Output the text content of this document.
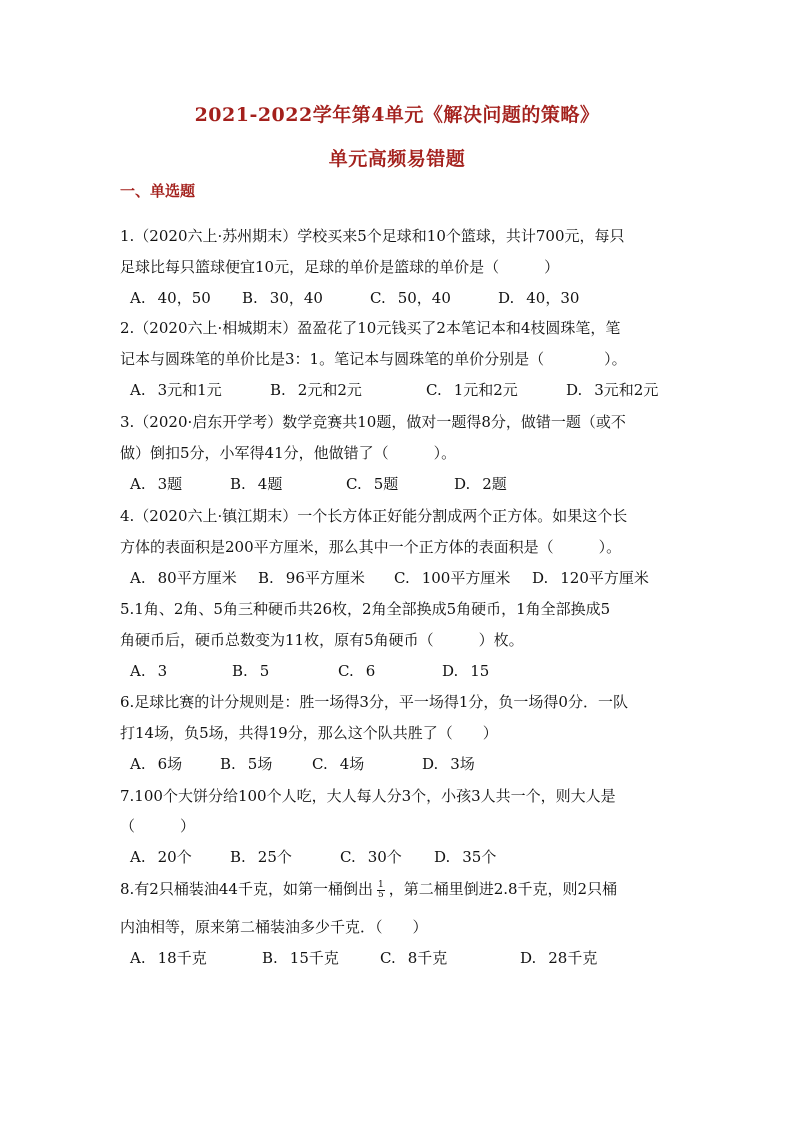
2021-2022学年第4单元《解决问题的策略》
单元高频易错题
一、单选题
1.（2020六上·苏州期末）学校买来5个足球和10个篮球，共计700元，每只
足球比每只篮球便宜10元，足球的单价是篮球的单价是（　　　）
A. 40，50 B. 30，40	C. 50，40	D. 40，30
2.（2020六上·相城期末）盈盈花了10元钱买了2本笔记本和4枝圆珠笔，笔
记本与圆珠笔的单价比是3：1。笔记本与圆珠笔的单价分别是（　　　　）。
A. 3元和1元	B. 2元和2元	C. 1元和2元	D. 3元和2元
3.（2020·启东开学考）数学竞赛共10题，做对一题得8分，做错一题（或不
做）倒扣5分，小军得41分，他做错了（　　　）。
A. 3题	B. 4题	C. 5题	D. 2题
4.（2020六上·镇江期末）一个长方体正好能分割成两个正方体。如果这个长
方体的表面积是200平方厘米，那么其中一个正方体的表面积是（　　　）。
A. 80平方厘米 B. 96平方厘米 C. 100平方厘米 D. 120平方厘米
5.1角、2角、5角三种硬币共26枚，2角全部换成5角硬币，1角全部换成5
角硬币后，硬币总数变为11枚，原有5角硬币（　　　）枚。
A. 3	B. 5	C. 6	D. 15
6.足球比赛的计分规则是：胜一场得3分，平一场得1分，负一场得0分．一队
打14场，负5场，共得19分，那么这个队共胜了（　　）
A. 6场	B. 5场	C. 4场	D. 3场
7.100个大饼分给100个人吃，大人每人分3个，小孩3人共一个，则大人是
（　　　）
A. 20个	B. 25个	C. 30个 D. 35个
8.有2只桶装油44千克，如第一桶倒出 $\frac{1}{5}$ ，第二桶里倒进2.8千克，则2只桶
内油相等，原来第二桶装油多少千克．（　　）
A. 18千克	B. 15千克	C. 8千克	D. 28千克
